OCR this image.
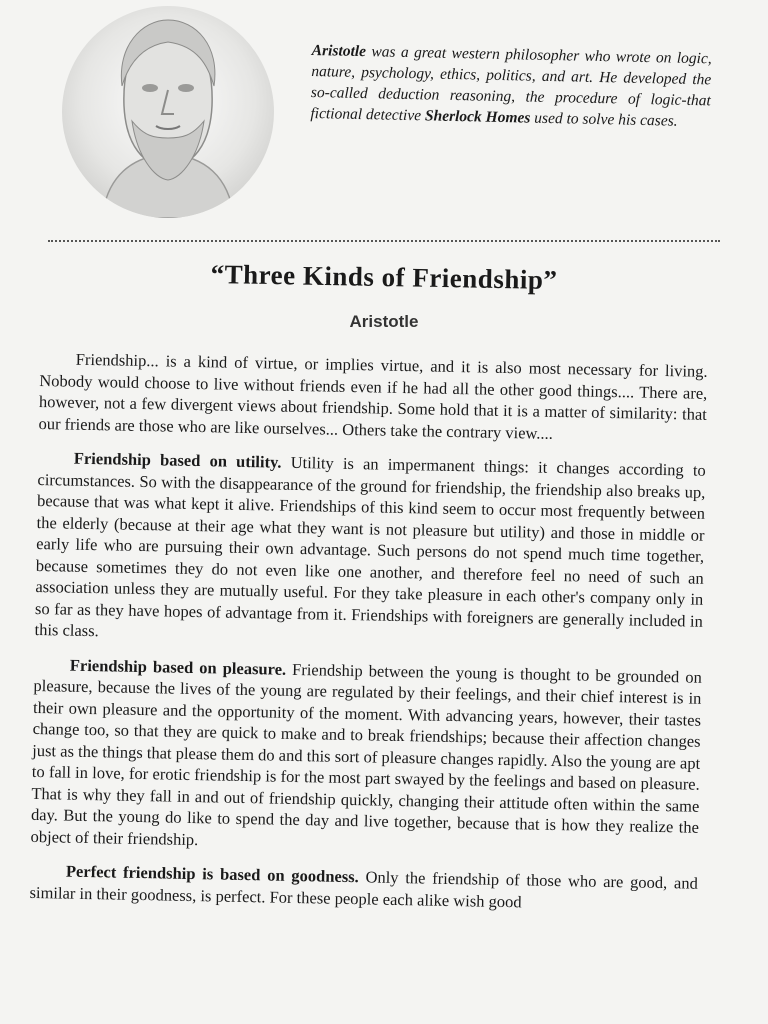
Aristotle was a great western philosopher who wrote on logic, nature, psychology, ethics, politics, and art. He developed the so-called deduction reasoning, the procedure of logic-that fictional detective Sherlock Homes used to solve his cases.
“Three Kinds of Friendship”
Aristotle

Friendship... is a kind of virtue, or implies virtue, and it is also most necessary for living. Nobody would choose to live without friends even if he had all the other good things.... There are, however, not a few divergent views about friendship. Some hold that it is a matter of similarity: that our friends are those who are like ourselves... Others take the contrary view....

Friendship based on utility. Utility is an impermanent things: it changes according to circumstances. So with the disappearance of the ground for friendship, the friendship also breaks up, because that was what kept it alive. Friendships of this kind seem to occur most frequently between the elderly (because at their age what they want is not pleasure but utility) and those in middle or early life who are pursuing their own advantage. Such persons do not spend much time together, because sometimes they do not even like one another, and therefore feel no need of such an association unless they are mutually useful. For they take pleasure in each other's company only in so far as they have hopes of advantage from it. Friendships with foreigners are generally included in this class.

Friendship based on pleasure. Friendship between the young is thought to be grounded on pleasure, because the lives of the young are regulated by their feelings, and their chief interest is in their own pleasure and the opportunity of the moment. With advancing years, however, their tastes change too, so that they are quick to make and to break friendships; because their affection changes just as the things that please them do and this sort of pleasure changes rapidly. Also the young are apt to fall in love, for erotic friendship is for the most part swayed by the feelings and based on pleasure. That is why they fall in and out of friendship quickly, changing their attitude often within the same day. But the young do like to spend the day and live together, because that is how they realize the object of their friendship.

Perfect friendship is based on goodness. Only the friendship of those who are good, and similar in their goodness, is perfect. For these people each alike wish good
